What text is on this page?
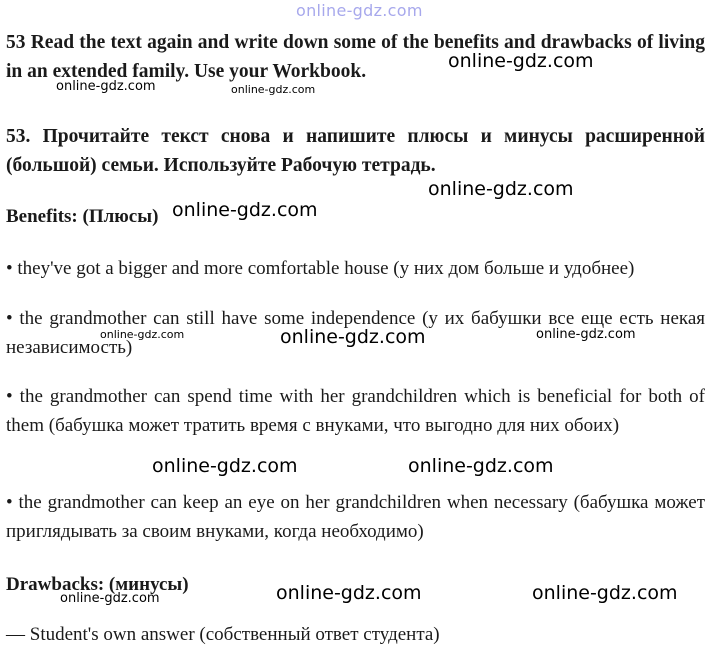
online-gdz.com
53 Read the text again and write down some of the benefits and drawbacks of living in an extended family. Use your Workbook.
53. Прочитайте текст снова и напишите плюсы и минусы расширенной (большой) семьи. Используйте Рабочую тетрадь.
Benefits: (Плюсы)
• they've got a bigger and more comfortable house (у них дом больше и удобнее)
• the grandmother can still have some independence (у их бабушки все еще есть некая независимость)
• the grandmother can spend time with her grandchildren which is beneficial for both of them (бабушка может тратить время с внуками, что выгодно для них обоих)
• the grandmother can keep an eye on her grandchildren when necessary (бабушка может приглядывать за своим внуками, когда необходимо)
Drawbacks: (минусы)
— Student's own answer (собственный ответ студента)
online-gdz.com
online-gdz.com	online-gdz.com
online-gdz.com
online-gdz.com
online-gdz.com	online-gdz.com	online-gdz.com
online-gdz.com	online-gdz.com
online-gdz.com	online-gdz.com	online-gdz.com
